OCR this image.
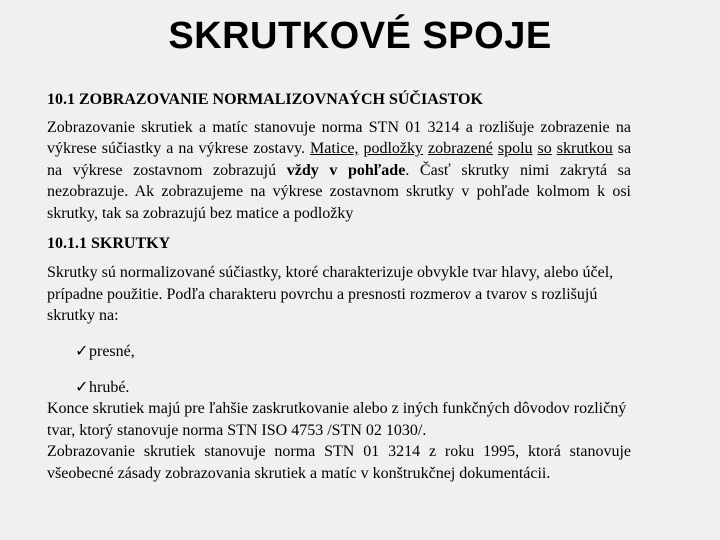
SKRUTKOVÉ SPOJE

10.1 ZOBRAZOVANIE NORMALIZOVNAÝCH SÚČIASTOK

Zobrazovanie skrutiek a matíc stanovuje norma STN 01 3214 a rozlišuje zobrazenie na výkrese súčiastky a na výkrese zostavy. Matice, podložky zobrazené spolu so skrutkou sa na výkrese zostavnom zobrazujú vždy v pohľade. Časť skrutky nimi zakrytá sa nezobrazuje. Ak zobrazujeme na výkrese zostavnom skrutky v pohľade kolmom k osi skrutky, tak sa zobrazujú bez matice a podložky

10.1.1 SKRUTKY

Skrutky sú normalizované súčiastky, ktoré charakterizuje obvykle tvar hlavy, alebo účel, prípadne použitie. Podľa charakteru povrchu a presnosti rozmerov a tvarov s rozlišujú skrutky na:

✓presné,
✓hrubé.

Konce skrutiek majú pre ľahšie zaskrutkovanie alebo z iných funkčných dôvodov rozličný tvar, ktorý stanovuje norma STN ISO 4753 /STN 02 1030/.

Zobrazovanie skrutiek stanovuje norma STN 01 3214 z roku 1995, ktorá stanovuje všeobecné zásady zobrazovania skrutiek a matíc v konštrukčnej dokumentácii.
